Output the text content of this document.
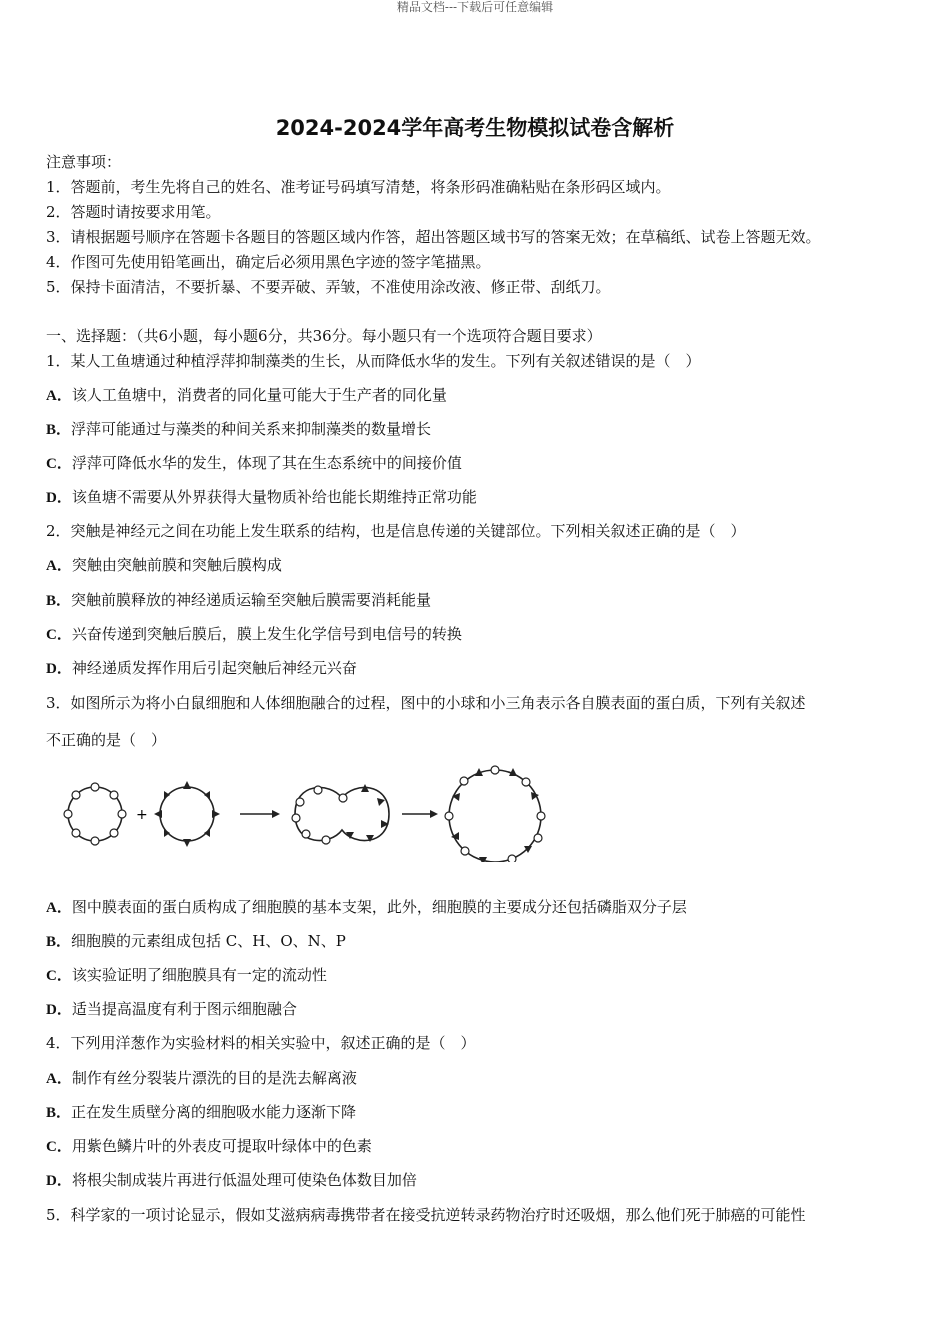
精品文档---下载后可任意编辑
2024-2024学年高考生物模拟试卷含解析
注意事项：
1．答题前，考生先将自己的姓名、准考证号码填写清楚，将条形码准确粘贴在条形码区域内。
2．答题时请按要求用笔。
3．请根据题号顺序在答题卡各题目的答题区域内作答，超出答题区域书写的答案无效；在草稿纸、试卷上答题无效。
4．作图可先使用铅笔画出，确定后必须用黑色字迹的签字笔描黑。
5．保持卡面清洁，不要折暴、不要弄破、弄皱，不准使用涂改液、修正带、刮纸刀。
一、选择题：（共6小题，每小题6分，共36分。每小题只有一个选项符合题目要求）
1．某人工鱼塘通过种植浮萍抑制藻类的生长，从而降低水华的发生。下列有关叙述错误的是（　）
A．该人工鱼塘中，消费者的同化量可能大于生产者的同化量
B．浮萍可能通过与藻类的种间关系来抑制藻类的数量增长
C．浮萍可降低水华的发生，体现了其在生态系统中的间接价值
D．该鱼塘不需要从外界获得大量物质补给也能长期维持正常功能
2．突触是神经元之间在功能上发生联系的结构，也是信息传递的关键部位。下列相关叙述正确的是（　）
A．突触由突触前膜和突触后膜构成
B．突触前膜释放的神经递质运输至突触后膜需要消耗能量
C．兴奋传递到突触后膜后，膜上发生化学信号到电信号的转换
D．神经递质发挥作用后引起突触后神经元兴奋
3．如图所示为将小白鼠细胞和人体细胞融合的过程，图中的小球和小三角表示各自膜表面的蛋白质，下列有关叙述
不正确的是（　）
+
A．图中膜表面的蛋白质构成了细胞膜的基本支架，此外，细胞膜的主要成分还包括磷脂双分子层
B．细胞膜的元素组成包括 C、H、O、N、P
C．该实验证明了细胞膜具有一定的流动性
D．适当提高温度有利于图示细胞融合
4．下列用洋葱作为实验材料的相关实验中，叙述正确的是（　）
A．制作有丝分裂装片漂洗的目的是洗去解离液
B．正在发生质壁分离的细胞吸水能力逐渐下降
C．用紫色鳞片叶的外表皮可提取叶绿体中的色素
D．将根尖制成装片再进行低温处理可使染色体数目加倍
5．科学家的一项讨论显示，假如艾滋病病毒携带者在接受抗逆转录药物治疗时还吸烟，那么他们死于肺癌的可能性
